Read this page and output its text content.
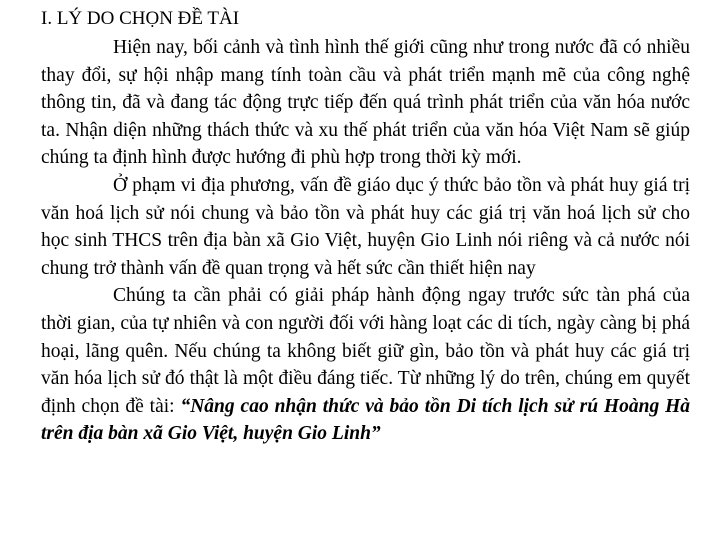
I. LÝ DO CHỌN ĐỀ TÀI

Hiện nay, bối cảnh và tình hình thế giới cũng như trong nước đã có nhiều thay đổi, sự hội nhập mang tính toàn cầu và phát triển mạnh mẽ của công nghệ thông tin, đã và đang tác động trực tiếp đến quá trình phát triển của văn hóa nước ta. Nhận diện những thách thức và xu thế phát triển của văn hóa Việt Nam sẽ giúp chúng ta định hình được hướng đi phù hợp trong thời kỳ mới.

Ở phạm vi địa phương, vấn đề giáo dục ý thức bảo tồn và phát huy giá trị văn hoá lịch sử nói chung và bảo tồn và phát huy các giá trị văn hoá lịch sử cho học sinh THCS trên địa bàn xã Gio Việt, huyện Gio Linh nói riêng và cả nước nói chung trở thành vấn đề quan trọng và hết sức cần thiết hiện nay

Chúng ta cần phải có giải pháp hành động ngay trước sức tàn phá của thời gian, của tự nhiên và con người đối với hàng loạt các di tích, ngày càng bị phá hoại, lãng quên. Nếu chúng ta không biết giữ gìn, bảo tồn và phát huy các giá trị văn hóa lịch sử đó thật là một điều đáng tiếc. Từ những lý do trên, chúng em quyết định chọn đề tài: “Nâng cao nhận thức và bảo tồn Di tích lịch sử rú Hoàng Hà trên địa bàn xã Gio Việt, huyện Gio Linh”
